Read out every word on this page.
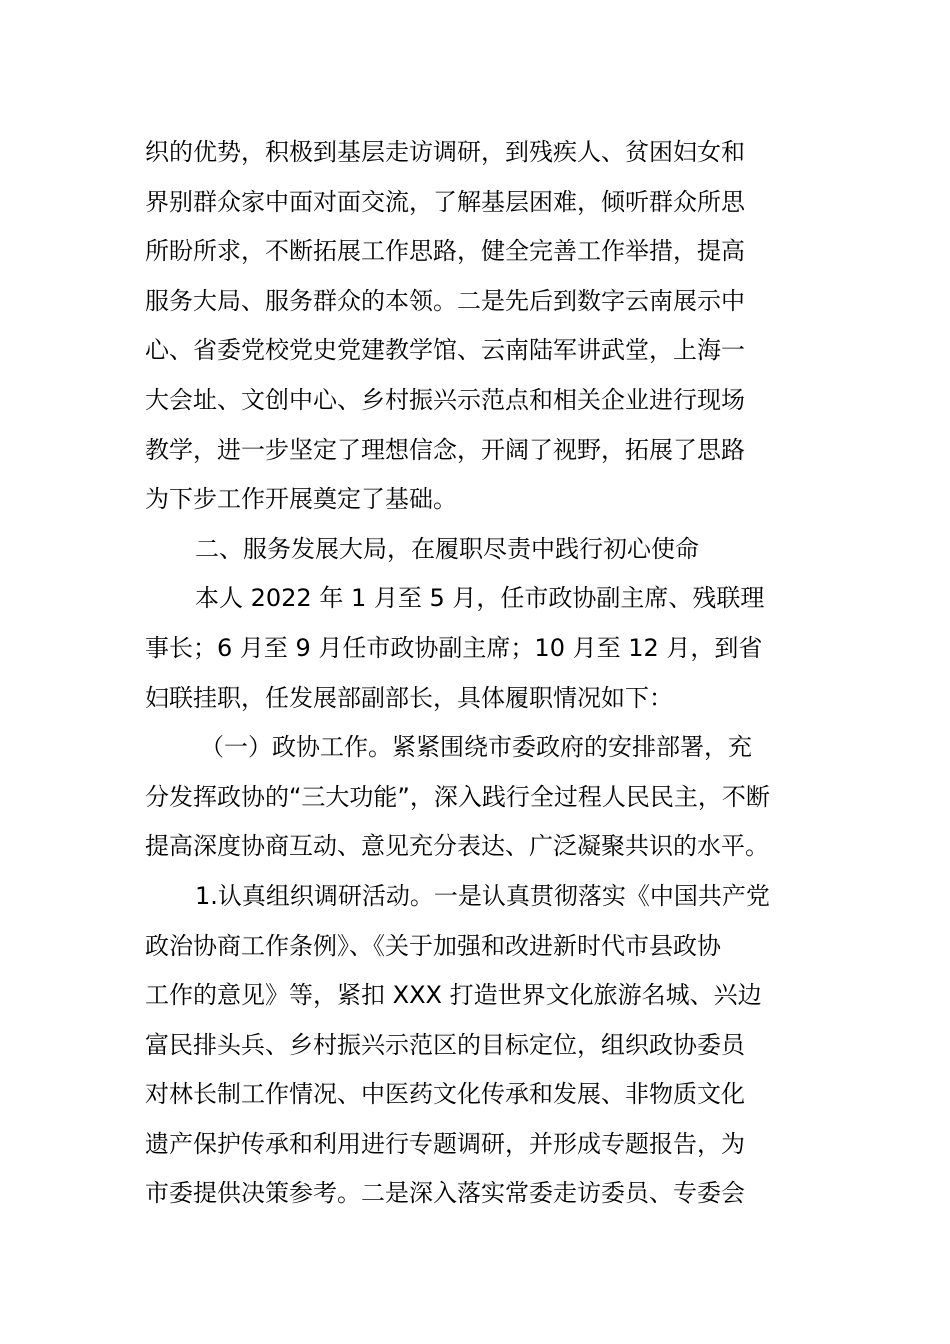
织的优势，积极到基层走访调研，到残疾人、贫困妇女和
界别群众家中面对面交流，了解基层困难，倾听群众所思
所盼所求，不断拓展工作思路，健全完善工作举措，提高
服务大局、服务群众的本领。二是先后到数字云南展示中
心、省委党校党史党建教学馆、云南陆军讲武堂，上海一
大会址、文创中心、乡村振兴示范点和相关企业进行现场
教学，进一步坚定了理想信念，开阔了视野，拓展了思路
为下步工作开展奠定了基础。
二、服务发展大局，在履职尽责中践行初心使命
本人 2022 年 1 月至 5 月，任市政协副主席、残联理
事长；6 月至 9 月任市政协副主席；10 月至 12 月，到省
妇联挂职，任发展部副部长，具体履职情况如下：
（一）政协工作。紧紧围绕市委政府的安排部署，充
分发挥政协的“三大功能”，深入践行全过程人民民主，不断
提高深度协商互动、意见充分表达、广泛凝聚共识的水平。
1.认真组织调研活动。一是认真贯彻落实《中国共产党
政治协商工作条例》、《关于加强和改进新时代市县政协
工作的意见》等，紧扣 XXX 打造世界文化旅游名城、兴边
富民排头兵、乡村振兴示范区的目标定位，组织政协委员
对林长制工作情况、中医药文化传承和发展、非物质文化
遗产保护传承和利用进行专题调研，并形成专题报告，为
市委提供决策参考。二是深入落实常委走访委员、专委会
